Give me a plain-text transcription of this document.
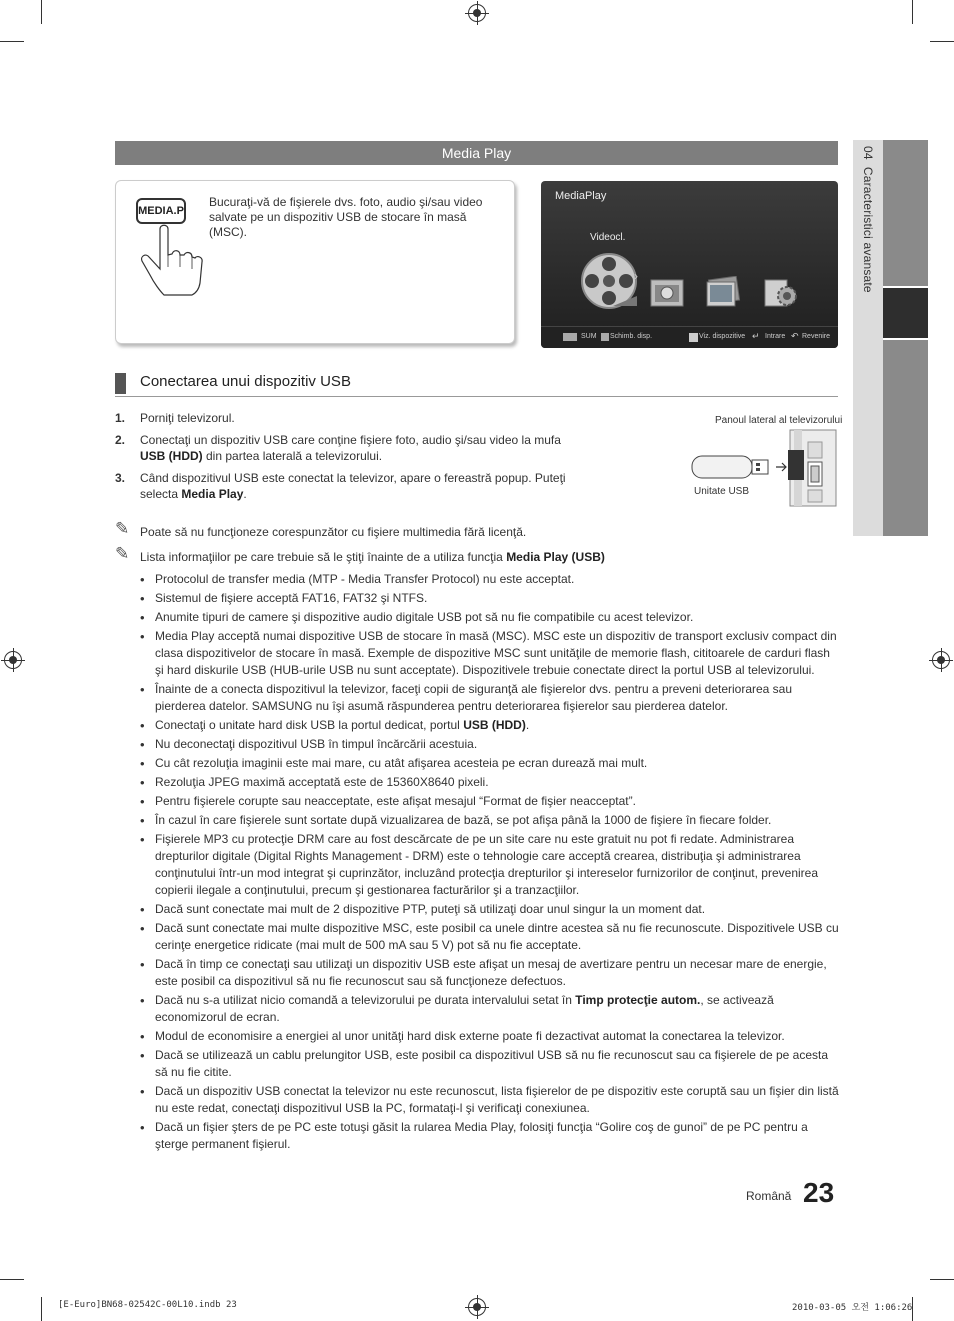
04  Caracteristici avansate
Media Play
MEDIA.P
Bucuraţi-vă de fişierele dvs. foto, audio şi/sau video salvate pe un dispozitiv USB de stocare în masă (MSC).
MediaPlay
Videocl.
›
SUM Schimb. disp.	Viz. dispozitive ↵ Intrare ↶ Revenire
Conectarea unui dispozitiv USB
1. Porniţi televizorul.
2. Conectaţi un dispozitiv USB care conţine fişiere foto, audio şi/sau video la mufa USB (HDD) din partea laterală a televizorului.
3. Când dispozitivul USB este conectat la televizor, apare o fereastră popup. Puteţi selecta Media Play.
Panoul lateral al televizorului
Unitate USB
✎ Poate să nu funcţioneze corespunzător cu fişiere multimedia fără licenţă.
✎ Lista informaţiilor pe care trebuie să le ştiţi înainte de a utiliza funcţia Media Play (USB)
• Protocolul de transfer media (MTP - Media Transfer Protocol) nu este acceptat.
• Sistemul de fişiere acceptă FAT16, FAT32 şi NTFS.
• Anumite tipuri de camere şi dispozitive audio digitale USB pot să nu fie compatibile cu acest televizor.
• Media Play acceptă numai dispozitive USB de stocare în masă (MSC). MSC este un dispozitiv de transport exclusiv compact din clasa dispozitivelor de stocare în masă. Exemple de dispozitive MSC sunt unităţile de memorie flash, cititoarele de carduri flash şi hard diskurile USB (HUB-urile USB nu sunt acceptate). Dispozitivele trebuie conectate direct la portul USB al televizorului.
• Înainte de a conecta dispozitivul la televizor, faceţi copii de siguranţă ale fişierelor dvs. pentru a preveni deteriorarea sau pierderea datelor. SAMSUNG nu îşi asumă răspunderea pentru deteriorarea fişierelor sau pierderea datelor.
• Conectaţi o unitate hard disk USB la portul dedicat, portul USB (HDD).
• Nu deconectaţi dispozitivul USB în timpul încărcării acestuia.
• Cu cât rezoluţia imaginii este mai mare, cu atât afişarea acesteia pe ecran durează mai mult.
• Rezoluţia JPEG maximă acceptată este de 15360X8640 pixeli.
• Pentru fişierele corupte sau neacceptate, este afişat mesajul “Format de fişier neacceptat”.
• În cazul în care fişierele sunt sortate după vizualizarea de bază, se pot afişa până la 1000 de fişiere în fiecare folder.
• Fişierele MP3 cu protecţie DRM care au fost descărcate de pe un site care nu este gratuit nu pot fi redate. Administrarea drepturilor digitale (Digital Rights Management - DRM) este o tehnologie care acceptă crearea, distribuţia şi administrarea conţinutului într-un mod integrat şi cuprinzător, incluzând protecţia drepturilor şi intereselor furnizorilor de conţinut, prevenirea copierii ilegale a conţinutului, precum şi gestionarea facturărilor şi a tranzacţiilor.
• Dacă sunt conectate mai mult de 2 dispozitive PTP, puteţi să utilizaţi doar unul singur la un moment dat.
• Dacă sunt conectate mai multe dispozitive MSC, este posibil ca unele dintre acestea să nu fie recunoscute. Dispozitivele USB cu cerinţe energetice ridicate (mai mult de 500 mA sau 5 V) pot să nu fie acceptate.
• Dacă în timp ce conectaţi sau utilizaţi un dispozitiv USB este afişat un mesaj de avertizare pentru un necesar mare de energie, este posibil ca dispozitivul să nu fie recunoscut sau să funcţioneze defectuos.
• Dacă nu s-a utilizat nicio comandă a televizorului pe durata intervalului setat în Timp protecţie autom., se activează economizorul de ecran.
• Modul de economisire a energiei al unor unităţi hard disk externe poate fi dezactivat automat la conectarea la televizor.
• Dacă se utilizează un cablu prelungitor USB, este posibil ca dispozitivul USB să nu fie recunoscut sau ca fişierele de pe acesta să nu fie citite.
• Dacă un dispozitiv USB conectat la televizor nu este recunoscut, lista fişierelor de pe dispozitiv este coruptă sau un fişier din listă nu este redat, conectaţi dispozitivul USB la PC, formataţi-l şi verificaţi conexiunea.
• Dacă un fişier şters de pe PC este totuşi găsit la rularea Media Play, folosiţi funcţia “Golire coş de gunoi” de pe PC pentru a şterge permanent fişierul.
Română 23
[E-Euro]BN68-02542C-00L10.indb 23	2010-03-05 오전 1:06:26
